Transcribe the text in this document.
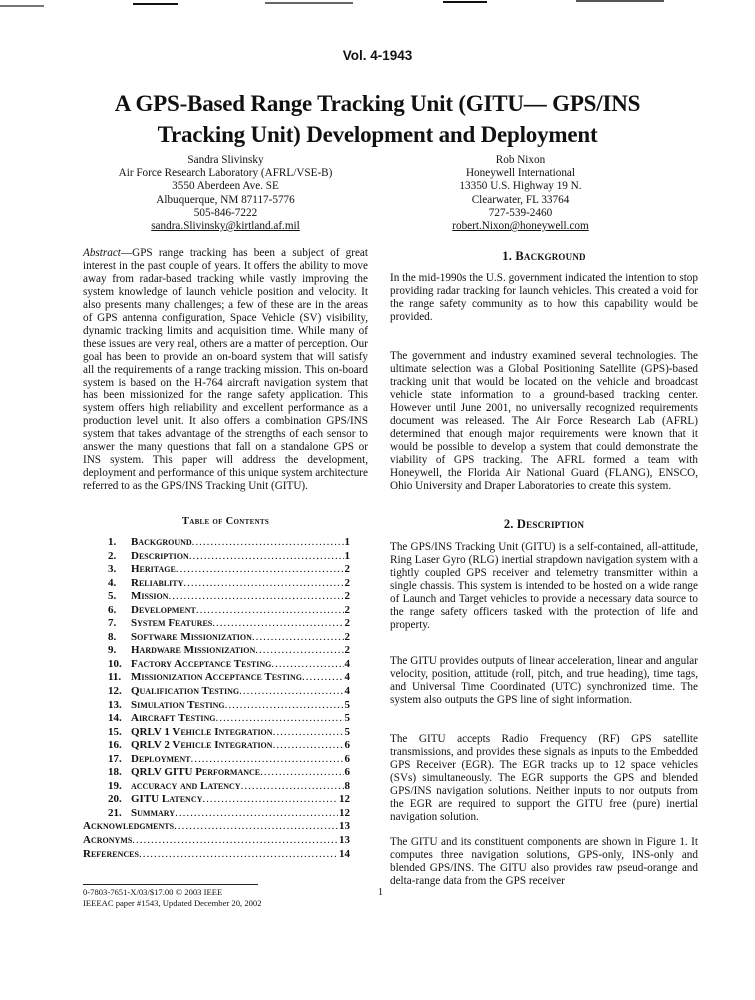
Vol. 4-1943
A GPS-Based Range Tracking Unit (GITU— GPS/INS
Tracking Unit) Development and Deployment
Sandra Slivinsky
Air Force Research Laboratory (AFRL/VSE-B)
3550 Aberdeen Ave. SE
Albuquerque, NM 87117-5776
505-846-7222
sandra.Slivinsky@kirtland.af.mil
Rob Nixon
Honeywell International
13350 U.S. Highway 19 N.
Clearwater, FL 33764
727-539-2460
robert.Nixon@honeywell.com

Abstract—GPS range tracking has been a subject of great interest in the past couple of years. It offers the ability to move away from radar-based tracking while vastly improving the system knowledge of launch vehicle position and velocity. It also presents many challenges; a few of these are in the areas of GPS antenna configuration, Space Vehicle (SV) visibility, dynamic tracking limits and acquisition time. While many of these issues are very real, others are a matter of perception. Our goal has been to provide an on-board system that will satisfy all the requirements of a range tracking mission. This on-board system is based on the H-764 aircraft navigation system that has been missionized for the range safety application. This system offers high reliability and excellent performance as a production level unit. It also offers a combination GPS/INS system that takes advantage of the strengths of each sensor to answer the many questions that fall on a standalone GPS or INS system. This paper will address the development, deployment and performance of this unique system architecture referred to as the GPS/INS Tracking Unit (GITU).

Table of Contents
1.	Background .....	1
2.	Description .....	1
3.	Heritage .....	2
4.	Reliablity .....	2
5.	Mission .....	2
6.	Development .....	2
7.	System Features .....	2
8.	Software Missionization .....	2
9.	Hardware Missionization .....	2
10. Factory Acceptance Testing .....	4
11. Missionization Acceptance Testing .....	4
12. Qualification Testing .....	4
13. Simulation Testing .....	5
14. Aircraft Testing .....	5
15. QRLV 1 Vehicle Integration .....	5
16. QRLV 2 Vehicle Integration .....	6
17. Deployment .....	6
18. QRLV GITU Performance .....	6
19. accuracy and Latency .....	8
20. GITU Latency .....	12
21. Summary .....	12
Acknowledgments .....	13
Acronyms .....	13
References .....	14
0-7803-7651-X/03/$17.00 © 2003 IEEE
IEEEAC paper #1543, Updated December 20, 2002
1
1. Background

In the mid-1990s the U.S. government indicated the intention to stop providing radar tracking for launch vehicles. This created a void for the range safety community as to how this capability would be provided.

The government and industry examined several technologies. The ultimate selection was a Global Positioning Satellite (GPS)-based tracking unit that would be located on the vehicle and broadcast vehicle state information to a ground-based tracking center. However until June 2001, no universally recognized requirements document was released. The Air Force Research Lab (AFRL) determined that enough major requirements were known that it would be possible to develop a system that could demonstrate the viability of GPS tracking. The AFRL formed a team with Honeywell, the Florida Air National Guard (FLANG), ENSCO, Ohio University and Draper Laboratories to create this system.

2. Description

The GPS/INS Tracking Unit (GITU) is a self-contained, all-attitude, Ring Laser Gyro (RLG) inertial strapdown navigation system with a tightly coupled GPS receiver and telemetry transmitter within a single chassis. This system is intended to be hosted on a wide range of Launch and Target vehicles to provide a necessary data source to the range safety officers tasked with the protection of life and property.

The GITU provides outputs of linear acceleration, linear and angular velocity, position, attitude (roll, pitch, and true heading), time tags, and Universal Time Coordinated (UTC) synchronized time. The system also outputs the GPS line of sight information.

The GITU accepts Radio Frequency (RF) GPS satellite transmissions, and provides these signals as inputs to the Embedded GPS Receiver (EGR). The EGR tracks up to 12 space vehicles (SVs) simultaneously. The EGR supports the GPS and blended GPS/INS navigation solutions. Neither inputs to nor outputs from the EGR are required to support the GITU free (pure) inertial navigation solution.

The GITU and its constituent components are shown in Figure 1. It computes three navigation solutions, GPS-only, INS-only and blended GPS/INS. The GITU also provides raw pseud-orange and delta-range data from the GPS receiver
